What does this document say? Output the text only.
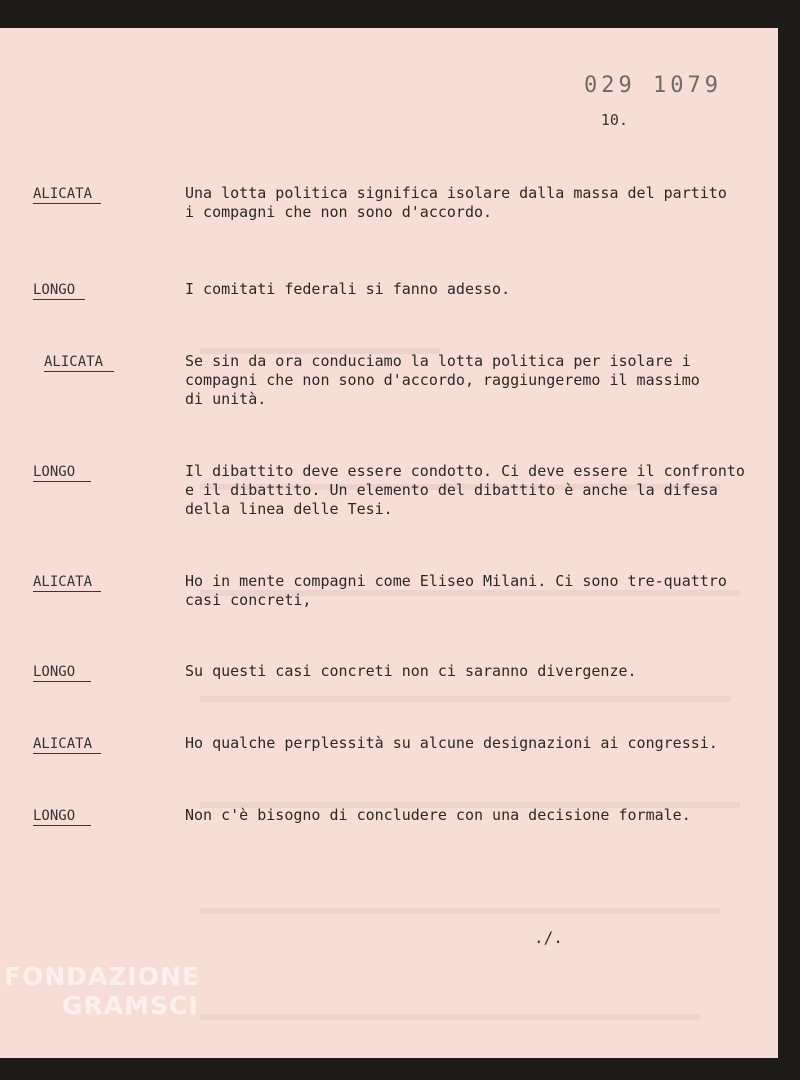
029 1079
10.
ALICATA	Una lotta politica significa isolare dalla massa del partito
i compagni che non sono d'accordo.
LONGO	I comitati federali si fanno adesso.
ALICATA	Se sin da ora conduciamo la lotta politica per isolare i
compagni che non sono d'accordo, raggiungeremo il massimo
di unità.
LONGO	Il dibattito deve essere condotto. Ci deve essere il confronto
e il dibattito. Un elemento del dibattito è anche la difesa
della linea delle Tesi.
ALICATA	Ho in mente compagni come Eliseo Milani. Ci sono tre-quattro
casi concreti,
LONGO	Su questi casi concreti non ci saranno divergenze.
ALICATA	Ho qualche perplessità su alcune designazioni ai congressi.
LONGO	Non c'è bisogno di concludere con una decisione formale.
./.
FONDAZIONE
GRAMSCI
